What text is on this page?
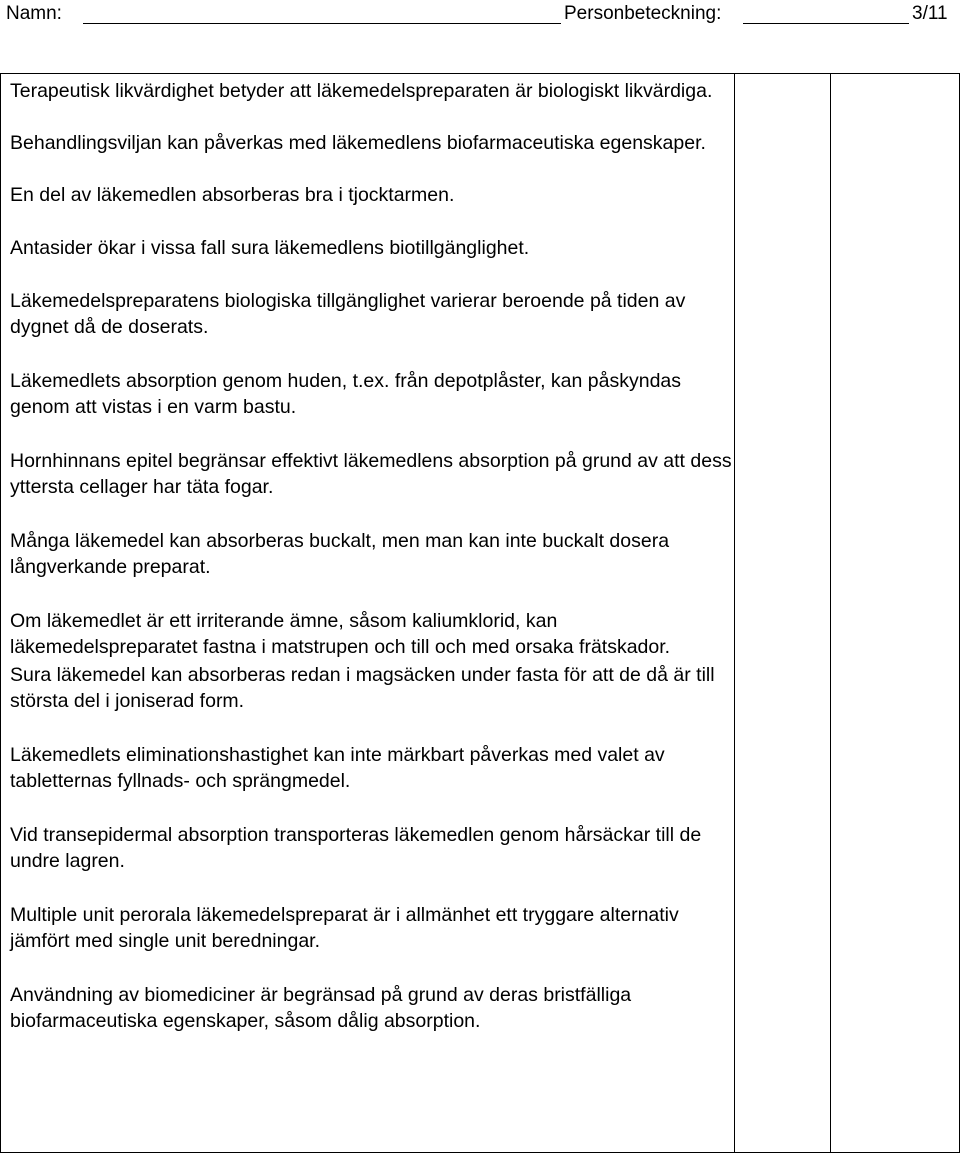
Namn:	Personbeteckning:	3/11

Terapeutisk likvärdighet betyder att läkemedelspreparaten är biologiskt likvärdiga.

Behandlingsviljan kan påverkas med läkemedlens biofarmaceutiska egenskaper.

En del av läkemedlen absorberas bra i tjocktarmen.

Antasider ökar i vissa fall sura läkemedlens biotillgänglighet.

Läkemedelspreparatens biologiska tillgänglighet varierar beroende på tiden av dygnet då de doserats.

Läkemedlets absorption genom huden, t.ex. från depotplåster, kan påskyndas genom att vistas i en varm bastu.

Hornhinnans epitel begränsar effektivt läkemedlens absorption på grund av att dess yttersta cellager har täta fogar.

Många läkemedel kan absorberas buckalt, men man kan inte buckalt dosera långverkande preparat.

Om läkemedlet är ett irriterande ämne, såsom kaliumklorid, kan läkemedelspreparatet fastna i matstrupen och till och med orsaka frätskador.

Sura läkemedel kan absorberas redan i magsäcken under fasta för att de då är till största del i joniserad form.

Läkemedlets eliminationshastighet kan inte märkbart påverkas med valet av tabletternas fyllnads- och sprängmedel.

Vid transepidermal absorption transporteras läkemedlen genom hårsäckar till de undre lagren.

Multiple unit perorala läkemedelspreparat är i allmänhet ett tryggare alternativ jämfört med single unit beredningar.

Användning av biomediciner är begränsad på grund av deras bristfälliga biofarmaceutiska egenskaper, såsom dålig absorption.
